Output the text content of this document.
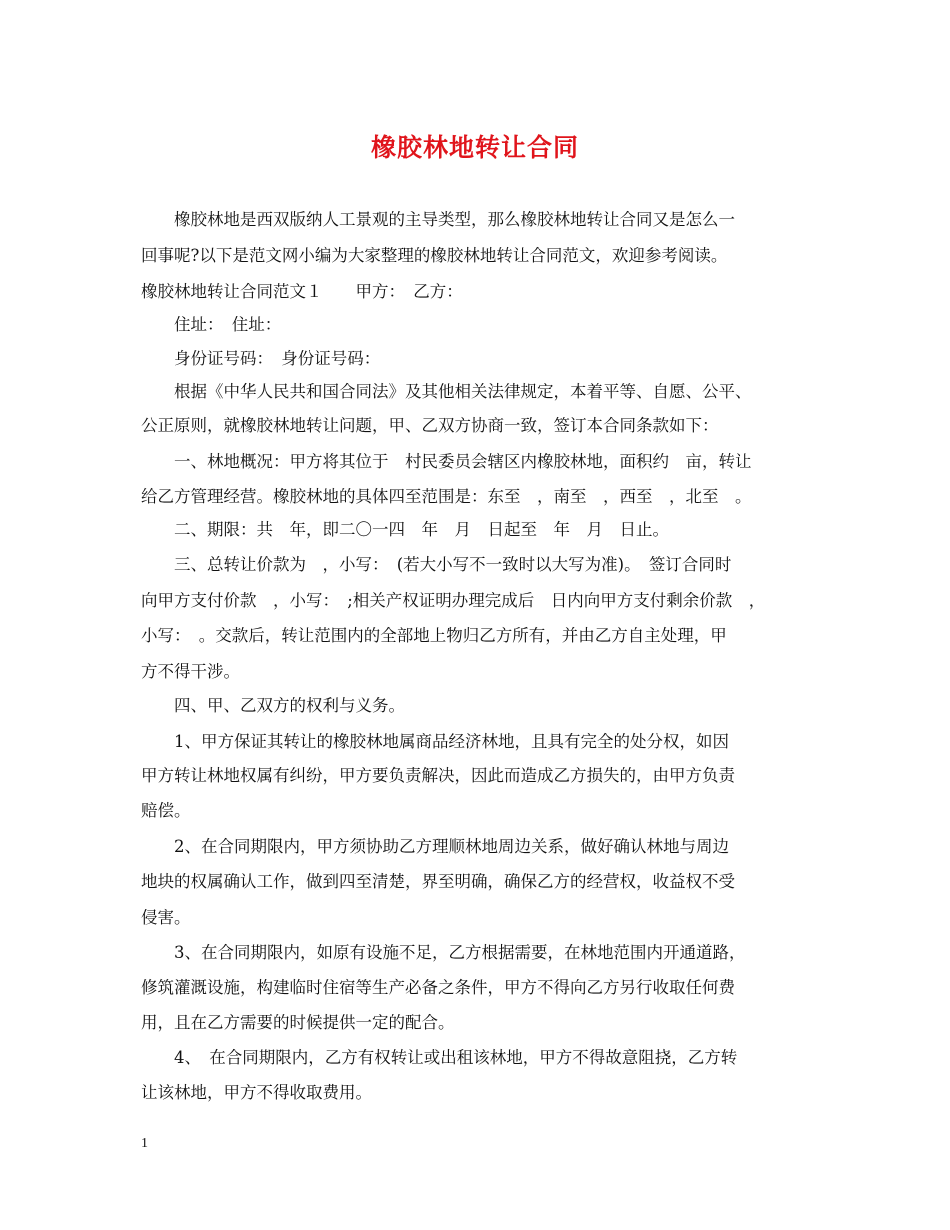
橡胶林地转让合同
　　橡胶林地是西双版纳人工景观的主导类型，那么橡胶林地转让合同又是怎么一
回事呢?以下是范文网小编为大家整理的橡胶林地转让合同范文，欢迎参考阅读。
橡胶林地转让合同范文１　　甲方：　乙方：
　　住址：　住址：
　　身份证号码：　身份证号码：
　　根据《中华人民共和国合同法》及其他相关法律规定，本着平等、自愿、公平、
公正原则，就橡胶林地转让问题，甲、乙双方协商一致，签订本合同条款如下：
　　一、林地概况：甲方将其位于　村民委员会辖区内橡胶林地，面积约　亩，转让
给乙方管理经营。橡胶林地的具体四至范围是：东至　，南至　，西至　，北至　。
　　二、期限：共　年，即二〇一四　年　月　日起至　年　月　日止。
　　三、总转让价款为　，小写：　(若大小写不一致时以大写为准)。　签订合同时
向甲方支付价款　，小写：　;相关产权证明办理完成后　日内向甲方支付剩余价款　，
小写：　。交款后，转让范围内的全部地上物归乙方所有，并由乙方自主处理，甲
方不得干涉。
　　四、甲、乙双方的权利与义务。
　　1、甲方保证其转让的橡胶林地属商品经济林地，且具有完全的处分权，如因
甲方转让林地权属有纠纷，甲方要负责解决，因此而造成乙方损失的，由甲方负责
赔偿。
　　2、在合同期限内，甲方须协助乙方理顺林地周边关系，做好确认林地与周边
地块的权属确认工作，做到四至清楚，界至明确，确保乙方的经营权，收益权不受
侵害。
　　3、在合同期限内，如原有设施不足，乙方根据需要，在林地范围内开通道路，
修筑灌溉设施，构建临时住宿等生产必备之条件，甲方不得向乙方另行收取任何费
用，且在乙方需要的时候提供一定的配合。
　　4、　在合同期限内，乙方有权转让或出租该林地，甲方不得故意阻挠，乙方转
让该林地，甲方不得收取费用。
1
